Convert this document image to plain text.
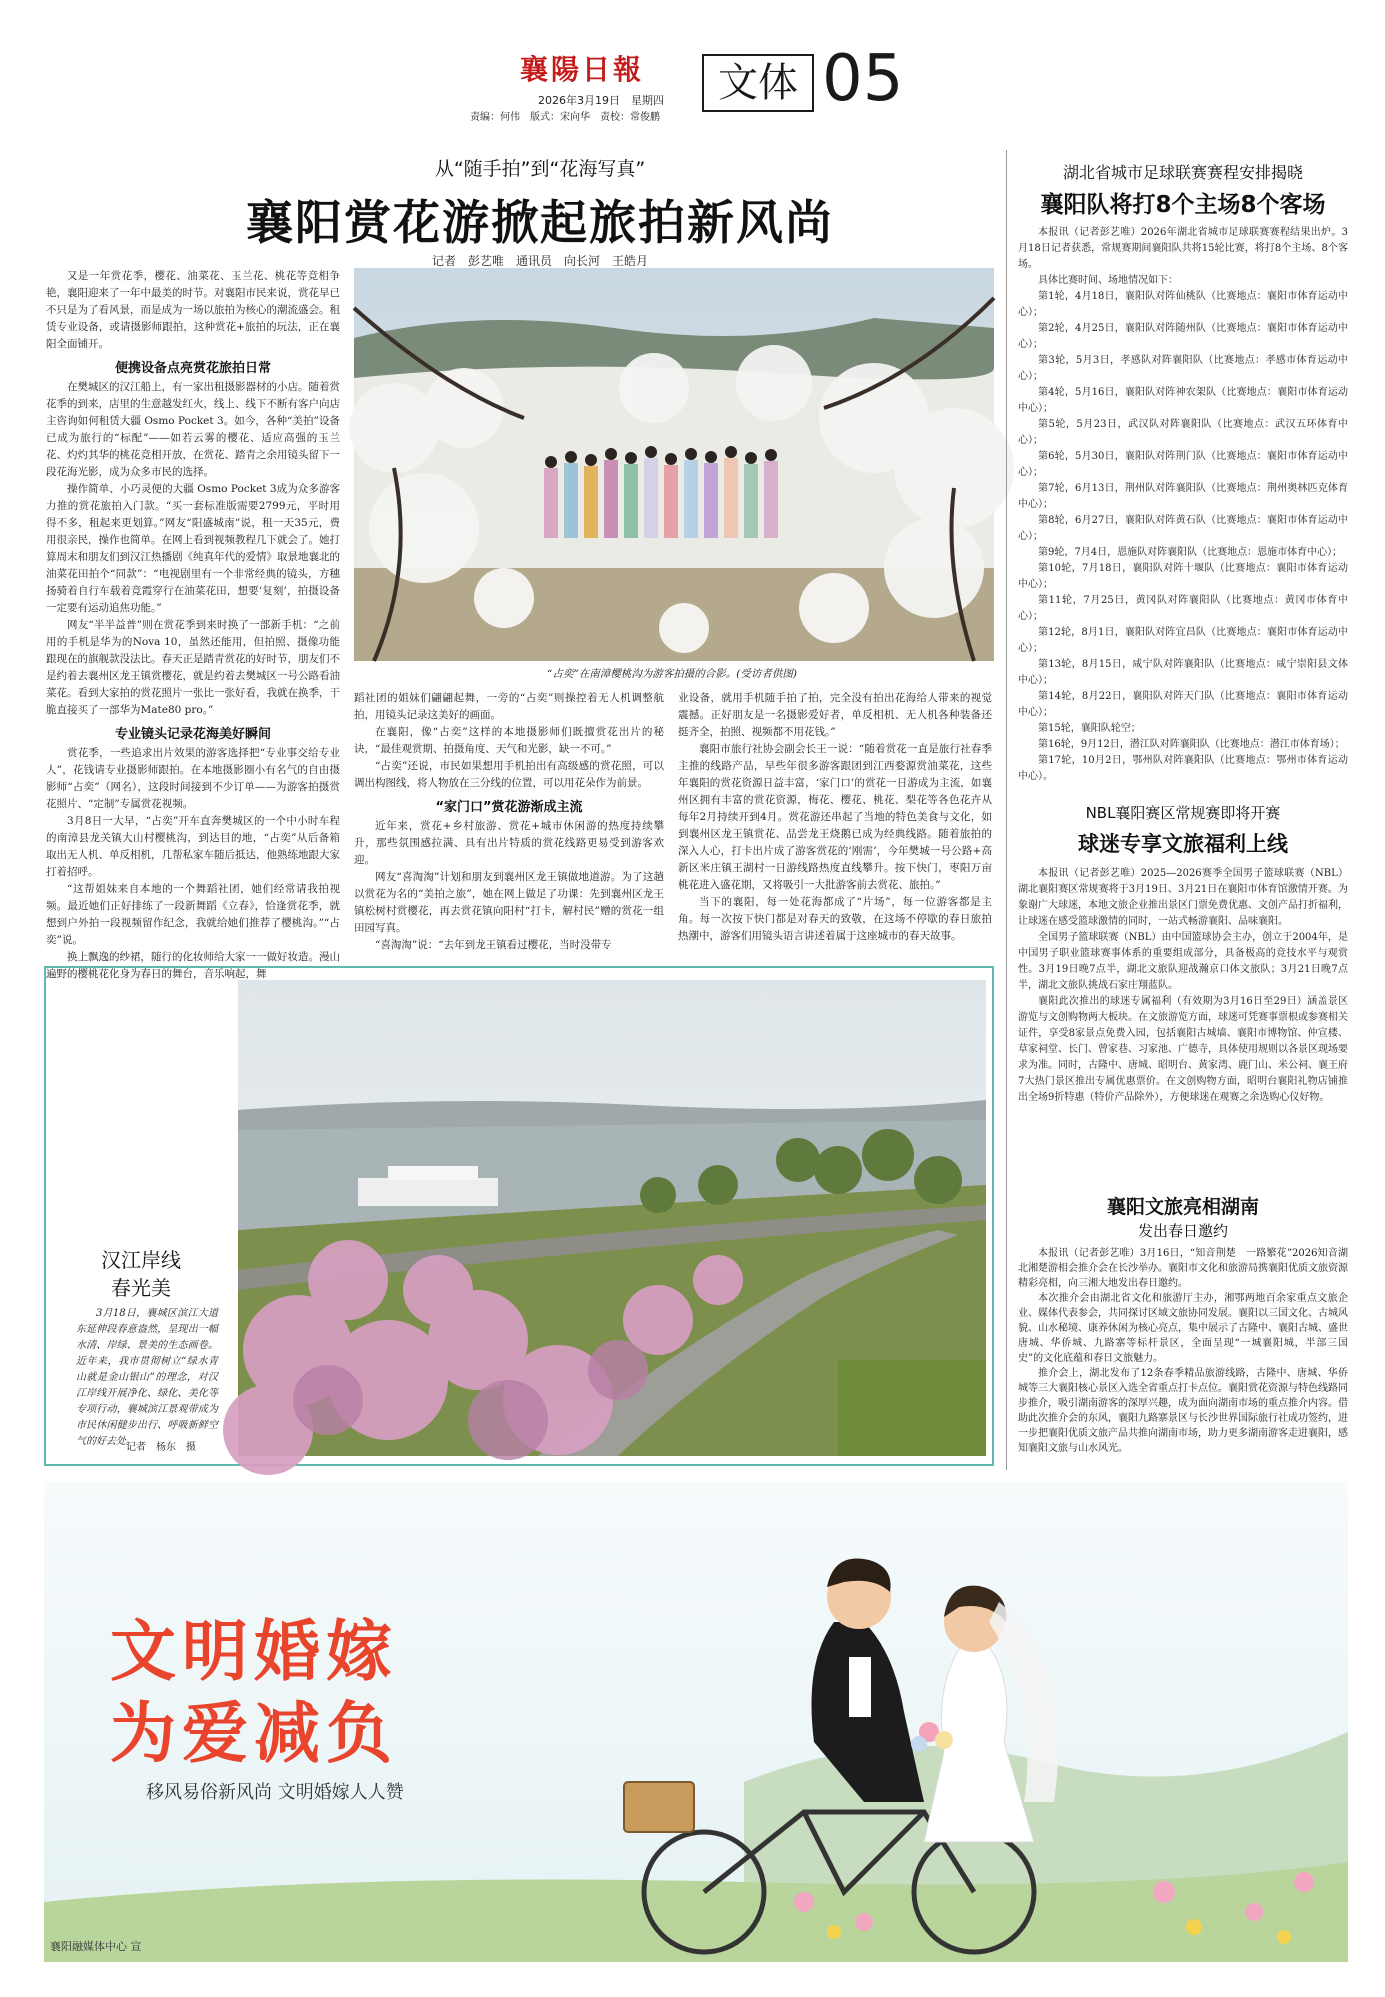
襄陽日報
2026年3月19日　星期四
责编：何伟　版式：宋向华　责校：常俊鹏
文体 05
从“随手拍”到“花海写真”
襄阳赏花游掀起旅拍新风尚
记者　彭艺唯　通讯员　向长河　王皓月
又是一年赏花季，樱花、油菜花、玉兰花、桃花等竞相争艳，襄阳迎来了一年中最美的时节。对襄阳市民来说，赏花早已不只是为了看风景，而是成为一场以旅拍为核心的潮流盛会。租赁专业设备，或请摄影师跟拍，这种赏花+旅拍的玩法，正在襄阳全面铺开。
便携设备点亮赏花旅拍日常
在樊城区的汉江船上，有一家出租摄影器材的小店。随着赏花季的到来，店里的生意越发红火，线上、线下不断有客户向店主咨询如何租赁大疆 Osmo Pocket 3。如今，各种“美拍”设备已成为旅行的“标配”——如若云雾的樱花、适应高强的玉兰花、灼灼其华的桃花竞相开放，在赏花、踏青之余用镜头留下一段花海光影，成为众多市民的选择。
操作简单、小巧灵便的大疆 Osmo Pocket 3成为众多游客力推的赏花旅拍入门款。“买一套标准版需要2799元，平时用得不多，租起来更划算。”网友“阳盛城南”说，租一天35元，费用很亲民，操作也简单。在网上看到视频教程几下就会了。她打算周末和朋友们到汉江热播剧《纯真年代的爱情》取景地襄北的油菜花田拍个“同款”：“电视剧里有一个非常经典的镜头，方穗扬骑着自行车载着竞霞穿行在油菜花田，想要‘复刻’，拍摄设备一定要有运动追焦功能。”
网友“半半益普”则在赏花季到来时换了一部新手机：“之前用的手机是华为的Nova 10，虽然还能用，但拍照、摄像功能跟现在的旗舰款没法比。春天正是踏青赏花的好时节，朋友们不是约着去襄州区龙王镇赏樱花，就是约着去樊城区一号公路看油菜花。看到大家拍的赏花照片一张比一张好看，我就在换季，干脆直接买了一部华为Mate80 pro。”
专业镜头记录花海美好瞬间
赏花季，一些追求出片效果的游客选择把“专业事交给专业人”，花钱请专业摄影师跟拍。在本地摄影圈小有名气的自由摄影师“占奕”（网名），这段时间接到不少订单——为游客拍摄赏花照片、“定制”专属赏花视频。
3月8日一大早，“占奕”开车直奔樊城区的一个中小时车程的南漳县龙关镇大山村樱桃沟，到达目的地，“占奕”从后备箱取出无人机、单反相机，几帮私家车随后抵达，他熟练地跟大家打着招呼。
“这帮姐妹来自本地的一个舞蹈社团，她们经常请我拍视频。最近她们正好排练了一段新舞蹈《立春》，恰逢赏花季，就想到户外拍一段视频留作纪念，我就给她们推荐了樱桃沟。”“占奕”说。
换上飘逸的纱裙，随行的化妆师给大家一一做好妆造。漫山遍野的樱桃花化身为春日的舞台，音乐响起，舞
“占奕”在南漳樱桃沟为游客拍摄的合影。(受访者供图)
蹈社团的姐妹们翩翩起舞，一旁的“占奕”则操控着无人机调整航拍，用镜头记录这美好的画面。
在襄阳，像“占奕”这样的本地摄影师们既擅赏花出片的秘诀，“最佳观赏期、拍摄角度、天气和光影，缺一不可。”
“占奕”还说，市民如果想用手机拍出有高级感的赏花照，可以调出构图线，将人物放在三分线的位置，可以用花朵作为前景。
“家门口”赏花游渐成主流
近年来，赏花+乡村旅游、赏花+城市休闲游的热度持续攀升，那些氛围感拉满、具有出片特质的赏花线路更易受到游客欢迎。
网友“喜淘淘”计划和朋友到襄州区龙王镇做地道游。为了这趟以赏花为名的“美拍之旅”，她在网上做足了功课：先到襄州区龙王镇松树村赏樱花，再去赏花镇向阳村“打卡，解村民”赠的赏花一组田园写真。
“喜淘淘”说：“去年到龙王镇看过樱花，当时没带专
业设备，就用手机随手拍了拍，完全没有拍出花海给人带来的视觉震撼。正好朋友是一名摄影爱好者，单反相机、无人机各种装备还挺齐全，拍照、视频都不用花钱。”
襄阳市旅行社协会副会长王一说：“随着赏花一直是旅行社春季主推的线路产品，早些年很多游客跟团到江西婺源赏油菜花，这些年襄阳的赏花资源日益丰富，‘家门口’的赏花一日游成为主流，如襄州区拥有丰富的赏花资源，梅花、樱花、桃花、梨花等各色花卉从每年2月持续开到4月。赏花游还串起了当地的特色美食与文化，如到襄州区龙王镇赏花、品尝龙王烧鹅已成为经典线路。随着旅拍的深入人心，打卡出片成了游客赏花的‘刚需’，今年樊城一号公路+高新区米庄镇王湖村一日游线路热度直线攀升。按下快门，枣阳万亩桃花进入盛花期，又将吸引一大批游客前去赏花、旅拍。”
当下的襄阳，每一处花海都成了“片场”，每一位游客都是主角。每一次按下快门都是对春天的致敬，在这场不停歇的春日旅拍热潮中，游客们用镜头语言讲述着属于这座城市的春天故事。
湖北省城市足球联赛赛程安排揭晓
襄阳队将打8个主场8个客场
本报讯（记者彭艺唯）2026年湖北省城市足球联赛赛程结果出炉。3月18日记者获悉，常规赛期间襄阳队共将15轮比赛，将打8个主场、8个客场。
具体比赛时间、场地情况如下：
第1轮，4月18日，襄阳队对阵仙桃队（比赛地点：襄阳市体育运动中心）；
第2轮，4月25日，襄阳队对阵随州队（比赛地点：襄阳市体育运动中心）；
第3轮，5月3日，孝感队对阵襄阳队（比赛地点：孝感市体育运动中心）；
第4轮，5月16日，襄阳队对阵神农架队（比赛地点：襄阳市体育运动中心）；
第5轮，5月23日，武汉队对阵襄阳队（比赛地点：武汉五环体育中心）；
第6轮，5月30日，襄阳队对阵荆门队（比赛地点：襄阳市体育运动中心）；
第7轮，6月13日，荆州队对阵襄阳队（比赛地点：荆州奥林匹克体育中心）；
第8轮，6月27日，襄阳队对阵黄石队（比赛地点：襄阳市体育运动中心）；
第9轮，7月4日，恩施队对阵襄阳队（比赛地点：恩施市体育中心）；
第10轮，7月18日，襄阳队对阵十堰队（比赛地点：襄阳市体育运动中心）；
第11轮，7月25日，黄冈队对阵襄阳队（比赛地点：黄冈市体育中心）；
第12轮，8月1日，襄阳队对阵宜昌队（比赛地点：襄阳市体育运动中心）；
第13轮，8月15日，咸宁队对阵襄阳队（比赛地点：咸宁崇阳县文体中心）；
第14轮，8月22日，襄阳队对阵天门队（比赛地点：襄阳市体育运动中心）；
第15轮，襄阳队轮空；
第16轮，9月12日，潜江队对阵襄阳队（比赛地点：潜江市体育场）；
第17轮，10月2日，鄂州队对阵襄阳队（比赛地点：鄂州市体育运动中心）。
NBL襄阳赛区常规赛即将开赛
球迷专享文旅福利上线
本报讯（记者彭艺唯）2025—2026赛季全国男子篮球联赛（NBL）湖北襄阳赛区常规赛将于3月19日、3月21日在襄阳市体育馆激情开赛。为象谢广大球迷，本地文旅企业推出景区门票免费优惠、文创产品打折福利，让球迷在感受篮球激情的同时，一站式畅游襄阳、品味襄阳。
全国男子篮球联赛（NBL）由中国篮球协会主办，创立于2004年，是中国男子职业篮球赛事体系的重要组成部分，具备极高的竞技水平与观赏性。3月19日晚7点半，湖北文旅队迎战瀚京口体文旅队；3月21日晚7点半，湖北文旅队挑战石家庄翔蓝队。
襄阳此次推出的球迷专属福利（有效期为3月16日至29日）涵盖景区游览与文创购物两大板块。在文旅游览方面，球迷可凭赛事票根或参赛相关证件，享受8家景点免费入园，包括襄阳古城墙、襄阳市博物馆、仲宣楼、草家祠堂、长门、曾家巷、习家池、广德寺，具体使用规则以各景区现场要求为准。同时，古隆中、唐城、昭明台、黄家湾、鹿门山、米公祠、襄王府7大热门景区推出专属优惠票价。在文创购物方面，昭明台襄阳礼物店铺推出全场9折特惠（特价产品除外），方便球迷在观赛之余选购心仪好物。
襄阳文旅亮相湖南
发出春日邀约
本报讯（记者彭艺唯）3月16日，“知音荆楚　一路繁花”2026知音湖北湘楚游相会推介会在长沙举办。襄阳市文化和旅游局携襄阳优质文旅资源精彩亮相，向三湘大地发出春日邀约。
本次推介会由湖北省文化和旅游厅主办，湘鄂两地百余家重点文旅企业、媒体代表参会，共同探讨区域文旅协同发展。襄阳以三国文化、古城风貌、山水秘境、康养休闲为核心亮点，集中展示了古隆中、襄阳古城、盛世唐城、华侨城、九路寨等标杆景区，全面呈现“一城襄阳城，半部三国史”的文化底蕴和春日文旅魅力。
推介会上，湖北发布了12条春季精品旅游线路，古隆中、唐城、华侨城等三大襄阳核心景区入选全省重点打卡点位。襄阳赏花资源与特色线路同步推介，吸引湖南游客的深厚兴趣，成为面向湖南市场的重点推介内容。借助此次推介会的东风，襄阳九路寨景区与长沙世界国际旅行社成功签约，进一步把襄阳优质文旅产品共推向湖南市场，助力更多湖南游客走进襄阳，感知襄阳文旅与山水风光。
汉江岸线
春光美
3月18日，襄城区滨江大道东延伸段春意盎然，呈现出一幅水清、岸绿、景美的生态画卷。近年来，我市贯彻树立“绿水青山就是金山银山”的理念，对汉江岸线开展净化、绿化、美化等专项行动，襄城滨江景观带成为市民休闲健步出行、呼吸新鲜空气的好去处。
记者　杨东　摄
文明婚嫁
为爱减负
移风易俗新风尚 文明婚嫁人人赞
襄阳融媒体中心 宣
